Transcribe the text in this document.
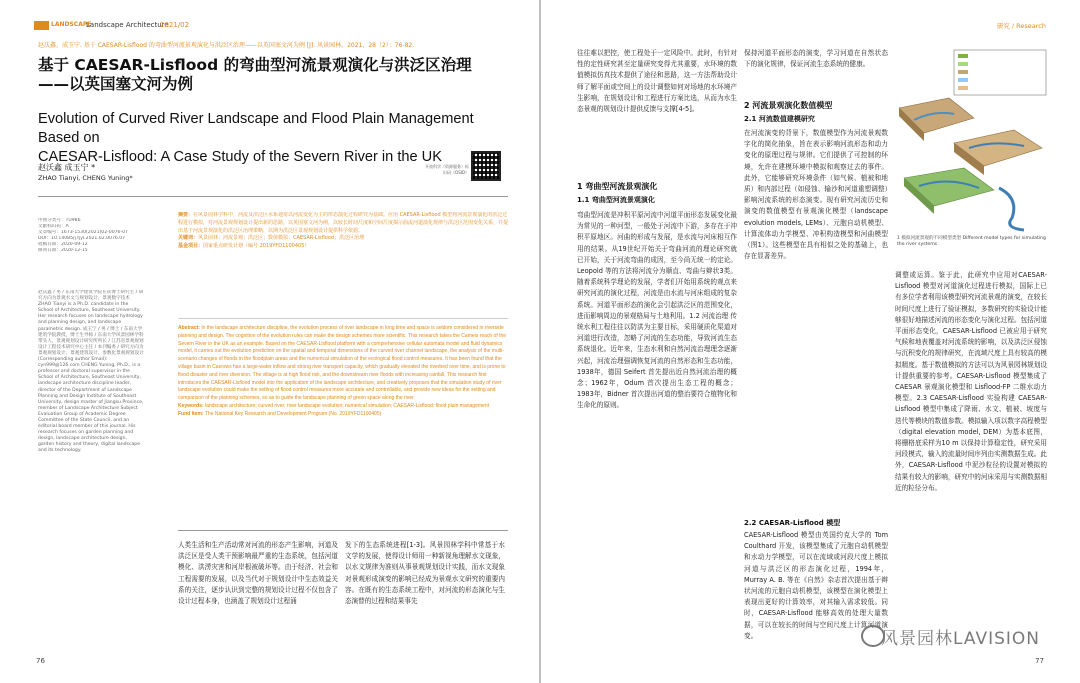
LANDSCAPE
Landscape Architecture
2021/02
赵沃鑫，成玉宁. 基于 CAESAR-Lisflood 的弯曲型河流景观演化与洪泛区治理——以英国塞文河为例 [J]. 风景园林，2021，28（2）：76-82.
基于 CAESAR-Lisflood 的弯曲型河流景观演化与洪泛区治理
——以英国塞文河为例
Evolution of Curved River Landscape and Flood Plain Management Based on
CAESAR-Lisflood: A Case Study of the Severn River in the UK
赵沃鑫 成玉宁 *
ZHAO Tianyi, CHENG Yuning*
开放科学（资源服务）标识码（OSID）
中图分类号：TU986
文献标识码：A
文章编号：1673-1530(2021)02-0076-07
DOI：10.14085/j.fjyl.2021.02.0076.07
收稿日期：2020-09-12
修回日期：2020-12-15
赵沃鑫 / 男 / 东南大学建筑学院在读博士研究生 / 研究方向为景观水文与规划设计、景观数字技术 ZHAO Tianyi is a Ph.D. candidate in the School of Architecture, Southeast University. Her research focuses on landscape hydrology and planning design, and landscape parametric design. 成玉宁 / 男 / 博士 / 东南大学建筑学院教授，博士生导师 / 东南大学风景园林学科带头人，景观规划设计研究所所长 / 江苏省景观规划设计工程技术研究中心主任 / 本刊编委 / 研究方向为景观规划设计、景观建筑设计、参数化景观规划设计 (Corresponding author Email): cyn999@126.com CHENG Yuning, Ph.D., is a professor and doctoral supervisor in the School of Architecture, Southeast University, landscape architecture discipline leader, director of the Department of Landscape Planning and Design Institute of Southeast University, design master of Jiangsu Province, member of Landscape Architecture Subject Evaluation Group of Academic Degree Committee of the State Council, and an editorial board member of this journal. His research focuses on garden planning and design, landscape architecture design, garden history and theory, digital landscape and its technology.
摘要：在风景园林学科中，河流及洪泛区水系通常以河流变化为主的形态演化过程研究为基础。应用 CAESAR-Lisflood 模型将河流景观演化的洪泛过程进行模拟，对河流景观规划设计提出新的思路。以英国塞文河为例，以较长时间尺度和空间尺度揭示曲流河道演化规律与洪泛区范围变化关系，并提出基于河流景观演化的洪泛区治理策略，以期为洪泛区景观规划设计提供科学依据。
关键词：风景园林；河流景观；洪泛区；数值模拟；CAESAR-Lisflood；洪泛区治理
基金项目：国家重点研发计划（编号 2019YFD1100405）
Abstract: In the landscape architecture discipline, the evolution process of river landscape in long time and space is seldom considered in riverside planning and design. The cognition of the evolution rules can make the design schemes more scientific. This research takes the Cameis reach of the Severn River in the UK as an example. Based on the CAESAR-Lisflood platform with a comprehensive cellular automata model and fluid dynamics model, it carries out the evolution prediction on the spatial and temporal dimensions of the curved river channel landscape, the analysis of the multi-scenario changes of floods in the floodplain areas and the numerical simulation of the ecological flood control measures. It has been found that the village basin in Caersws has a large-water inflow and strong river transport capacity, which gradually elevated the riverbed over time, and is prone to flood disaster and river diversion. The village is at high flood risk, and the downstream river floods with increasing rainfall. This research first introduces the CAESAR-Lisflood model into the application of the landscape architecture, and creatively proposes that the simulation study of river landscape evolution could make the setting of flood control measures more accurate and controllable, and provide new ideas for the setting and comparison of the planning schemes, so as to guide the landscape planning of green space along the river.
Keywords: landscape architecture; curved river; river landscape evolution; numerical simulation; CAESAR-Lisflood; flood plain management
Fund Item: The National Key Research and Development Program (No. 2019YFD1100405)
人类生活和生产活动常对河流的形态产生影响，河道及洪泛区是受人类干预影响最严重的生态系统，包括河道模化、洪涝灾害和河岸根被破坏等。由于经济、社会和工程需要的发展，以及当代对于规划设计中生态效益关系的关注，逐步认识到完整的规划设计过程不仅包含了设计过程本身，也涵盖了规划设计过程涌
发下的生态系统进程[1-3]。风景园林学科中常基于水文学的发展，使得设计师用一种新视角理解水文现象，以水文规律为准则从事景观规划设计实践，而水文现象对景观形成演变的影响已经成为景观水文研究的重要内容。在既有的生态系统工程中，对河流的形态演化与生态演替的过程和结果事先
76
研究 / Research
往往难以把控，使工程处于一定风险中。此时，有针对性的定性研究甚至定量研究变得尤其重要，水环境的数值模拟仿真技术提供了途径和思路，这一方法帮助设计师了解平面或空间上的设计调整如何对场地的水环境产生影响，在规划设计和工程进行方案比选，从而为水生态景观的规划设计提供反馈与支撑[4-5]。
1 弯曲型河流景观演化
1.1 弯曲型河流景观演化
弯曲型河流是冲积平原河流中河道平面形态发展变化最为常见的一种河型，一般处于河流中下游，多存在于冲积平原地区。河曲的形成与发展，是水流与河床相互作用的结果。从19世纪开始关于弯曲河流的理论研究就已开始，关于河流弯曲的成因，至今尚无统一的定论。Leopold 等的方法将河流分为顺直、弯曲与辫状3类。随着系统科学理论的发展，学者们开始用系统的观点来研究河流的演化过程，河流是由水流与河床组成的复杂系统。河道平面形态的演化会引起洪泛区的范围变化，进而影响周边的景观格局与土地利用。1.2 河流治理 传统水利工程往往以防洪为主要目标，采用硬质化渠道对河道进行改造，忽略了河流的生态功能，导致河流生态系统退化。近年来，生态水利和自然河流治理理念逐渐兴起，河流治理强调恢复河流的自然形态和生态功能，1938年，德国 Seifert 首先提出近自然河流治理的概念；1962年，Odum 首次提出生态工程的概念；1983年，Bidner 首次提出河道的整治要符合植物化和生命化的原则。
保持河道平面形态的演变，学习河道在自然状态下的演化规律，保证河流生态系统的健康。
2 河流景观演化数值模型
2.1 河流数值建模研究
在河流演变的背景下，数值模型作为河流景观数字化的简化抽象，旨在表示影响河流形态和动力变化的原理过程与规律。它们提供了可控制的环境，允许在建模环境中模拟和观察过去的事件。此外，它能够研究环境条件（如气候、植被和地质）和内部过程（如侵蚀、输沙和河道重塑调整）影响河流系统的形态演变。现有研究河流历史和演变的数值模型有景观演化模型（landscape evolution models, LEMs）、元胞自动机模型、计算流体动力学模型、冲积构造模型和河曲模型（图1）。这些模型在具有相似之处的基础上，也存在显著差异。
2.2 CAESAR-Lisflood 模型
CAESAR-Lisflood 模型由英国约克大学的 Tom Coulthard 开发，该模型集成了元胞自动机模型和水动力学模型，可以在流域或河段尺度上模拟河道与洪泛区的形态演化过程，1994年，Murray A. B. 等在《自然》杂志首次提出基于辫状河流的元胞自动机模型，该模型在演化模型上表现出更好的计算效率，对其输入需求较低。同时，CAESAR-Lisflood 能够高效的处理大量数据，可以在较长的时间与空间尺度上计算河道演变。
1 模拟河流景观的不同模型类型 Different model types for simulating the river systems
调整或运算。鉴于此，此研究中应用对CAESAR-Lisflood 模型对河道演化过程进行模拟，国际上已有多位学者利用该模型研究河流景观的演变，在较长时间尺度上进行了验证模拟，多数研究的实验设计能够很好地描述河流的形态变化与演化过程。包括河道平面形态变化，CAESAR-Lisflood 已被应用于研究气候和地表覆盖对河流系统的影响，以及洪泛区侵蚀与沉积变化的规律研究，在流域尺度上具有较高的模拟精度。基于数值模拟的方法可以为风景园林规划设计提供重要的参考。CAESAR-Lisflood 模型集成了CAESAR 景观演化模型和 Lisflood-FP 二维水动力模型。2.3 CAESAR-Lisflood 实验构建 CAESAR-Lisflood 模型中集成了降雨、水文、植被、坡度与迭代等模块的数值参数。模拟输入项以数字高程模型（digital elevation model, DEM）为基本底图，将栅格底采样为10 m 以保持计算稳定性，研究采用河段模式，输入的流量时间序列由实测数据生成。此外，CAESAR-Lisflood 中泥沙粒径的设置对模拟的结果有较大的影响，研究中的河床采用与实测数据相近的粒径分布。
风景园林LAVISION
77
